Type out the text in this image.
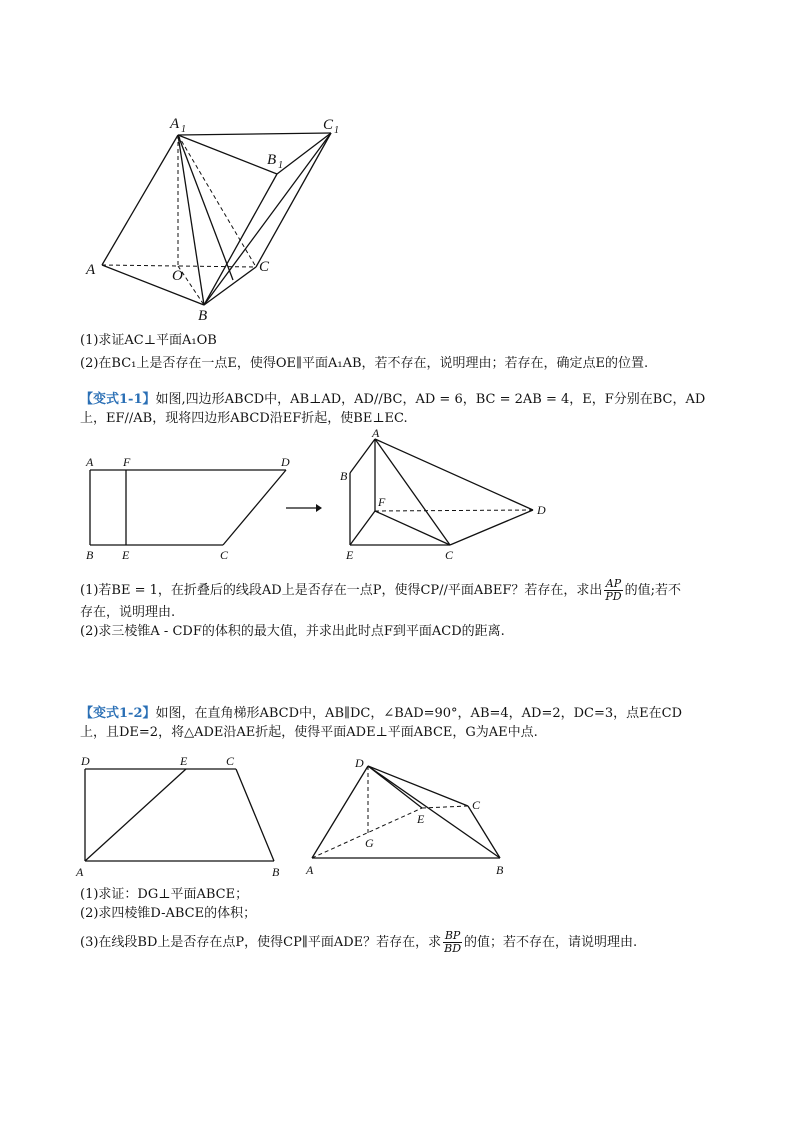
A 1	C 1
B 1
A	O
C
B
(1)求证AC⊥平面A₁OB
(2)在BC₁上是否存在一点E，使得OE∥平面A₁AB，若不存在，说明理由；若存在，确定点E的位置.
【变式1-1】如图,四边形ABCD中，AB⊥AD，AD//BC，AD = 6，BC = 2AB = 4，E，F分别在BC，AD
上，EF//AB，现将四边形ABCD沿EF折起，使BE⊥EC.
A F	D
B E	C
A
B
F
D
E	C
(1)若BE = 1，在折叠后的线段AD上是否存在一点P，使得CP//平面ABEF？若存在，求出 $\frac{AP}{PD}$ 的值;若不
存在，说明理由.
(2)求三棱锥A - CDF的体积的最大值，并求出此时点F到平面ACD的距离.
【变式1-2】如图，在直角梯形ABCD中，AB∥DC，∠BAD=90°，AB=4，AD=2，DC=3，点E在CD
上，且DE=2，将△ADE沿AE折起，使得平面ADE⊥平面ABCE，G为AE中点.
D	E	C
A	B
D
C
E
G
A	B
(1)求证：DG⊥平面ABCE；
(2)求四棱锥D-ABCE的体积；
(3)在线段BD上是否存在点P，使得CP∥平面ADE？若存在，求 $\frac{BP}{BD}$ 的值；若不存在，请说明理由.
